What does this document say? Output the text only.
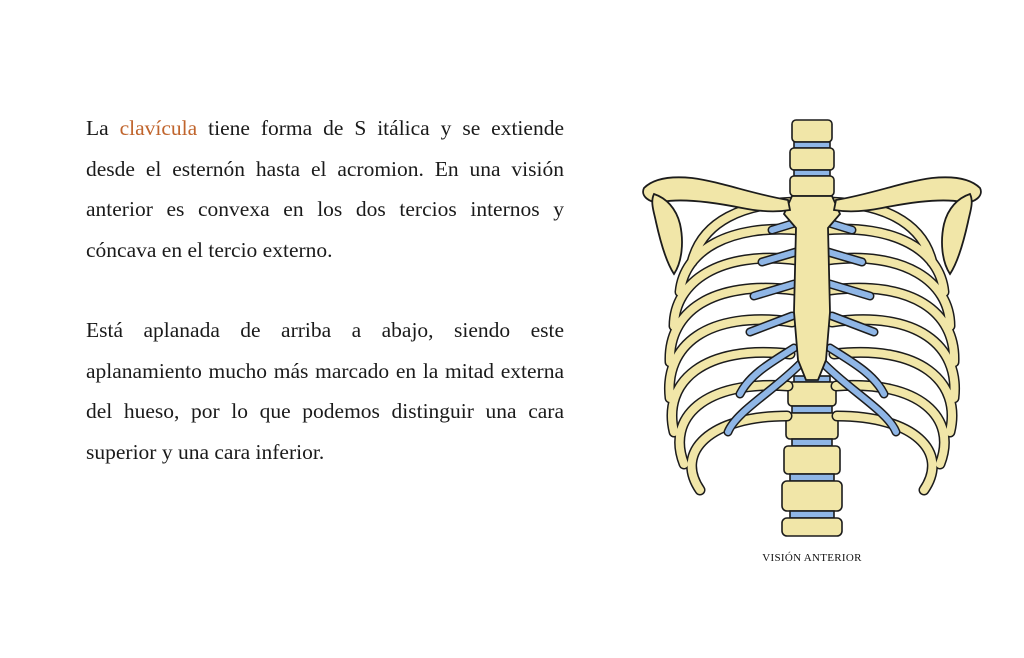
La clavícula tiene forma de S itálica y se extiende desde el esternón hasta el acromion. En una visión anterior es convexa en los dos tercios internos y cóncava en el tercio externo.

Está aplanada de arriba a abajo, siendo este aplanamiento mucho más marcado en la mitad externa del hueso, por lo que podemos distinguir una cara superior y una cara inferior.

VISIÓN ANTERIOR
